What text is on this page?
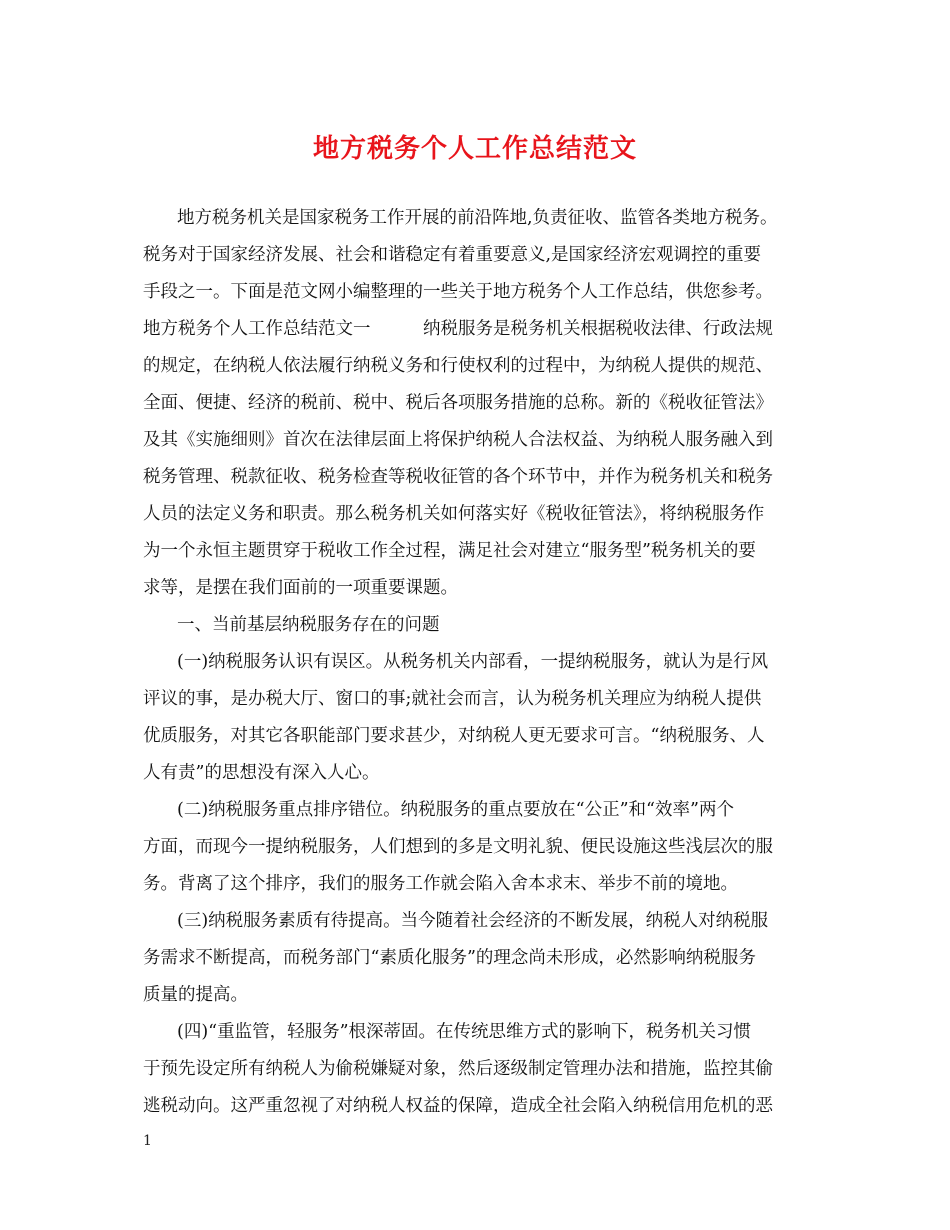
地方税务个人工作总结范文
地方税务机关是国家税务工作开展的前沿阵地,负责征收、监管各类地方税务。
税务对于国家经济发展、社会和谐稳定有着重要意义,是国家经济宏观调控的重要
手段之一。下面是范文网小编整理的一些关于地方税务个人工作总结，供您参考。
地方税务个人工作总结范文一　　　纳税服务是税务机关根据税收法律、行政法规
的规定，在纳税人依法履行纳税义务和行使权利的过程中，为纳税人提供的规范、
全面、便捷、经济的税前、税中、税后各项服务措施的总称。新的《税收征管法》
及其《实施细则》首次在法律层面上将保护纳税人合法权益、为纳税人服务融入到
税务管理、税款征收、税务检查等税收征管的各个环节中，并作为税务机关和税务
人员的法定义务和职责。那么税务机关如何落实好《税收征管法》，将纳税服务作
为一个永恒主题贯穿于税收工作全过程，满足社会对建立“服务型”税务机关的要
求等，是摆在我们面前的一项重要课题。
一、当前基层纳税服务存在的问题
(一)纳税服务认识有误区。从税务机关内部看，一提纳税服务，就认为是行风
评议的事，是办税大厅、窗口的事;就社会而言，认为税务机关理应为纳税人提供
优质服务，对其它各职能部门要求甚少，对纳税人更无要求可言。“纳税服务、人
人有责”的思想没有深入人心。
(二)纳税服务重点排序错位。纳税服务的重点要放在“公正”和“效率”两个
方面，而现今一提纳税服务，人们想到的多是文明礼貌、便民设施这些浅层次的服
务。背离了这个排序，我们的服务工作就会陷入舍本求末、举步不前的境地。
(三)纳税服务素质有待提高。当今随着社会经济的不断发展，纳税人对纳税服
务需求不断提高，而税务部门“素质化服务”的理念尚未形成，必然影响纳税服务
质量的提高。
(四)“重监管，轻服务”根深蒂固。在传统思维方式的影响下，税务机关习惯
于预先设定所有纳税人为偷税嫌疑对象，然后逐级制定管理办法和措施，监控其偷
逃税动向。这严重忽视了对纳税人权益的保障，造成全社会陷入纳税信用危机的恶
1
